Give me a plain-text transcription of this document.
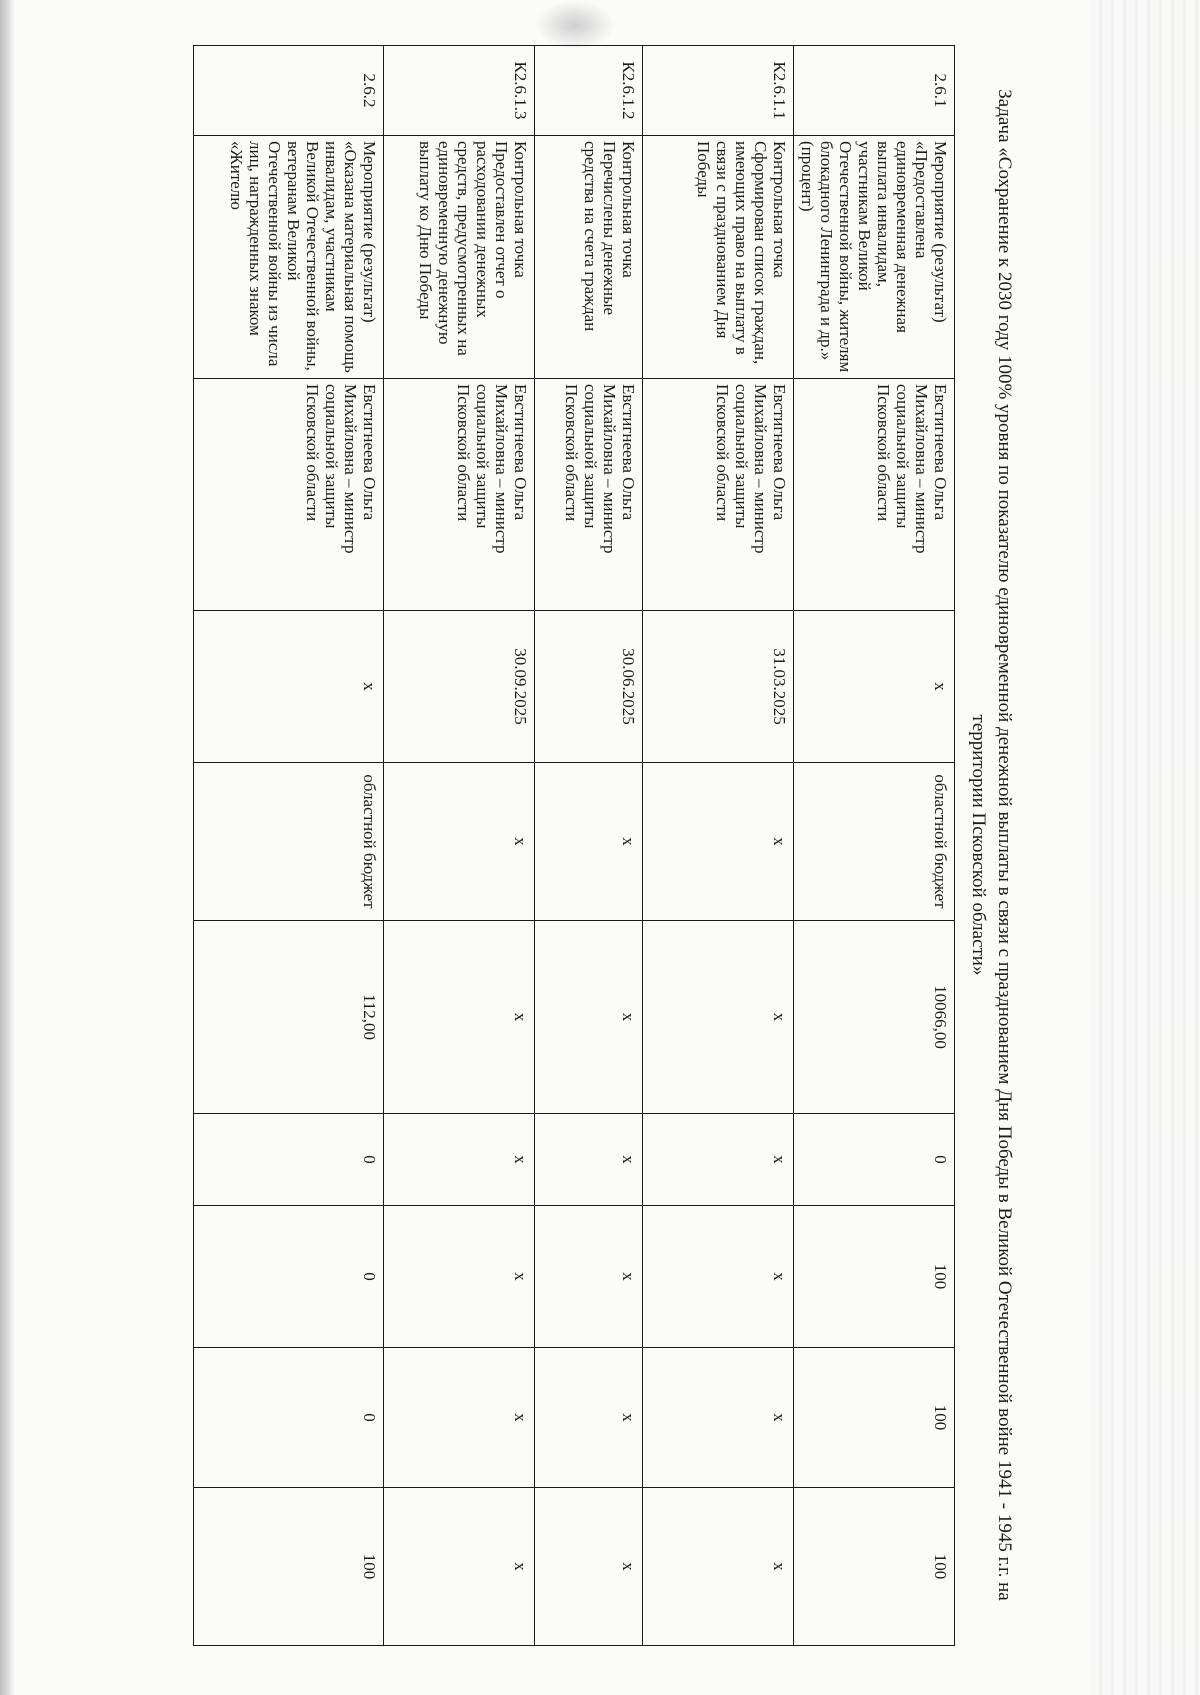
Задача «Сохранение к 2030 году 100% уровня по показателю единовременной денежной выплаты в связи с празднованием Дня Победы в Великой Отечественной войне 1941 - 1945 г.г. на территории Псковской области»
2.6.1	Мероприятие (результат) «Предоставлена единовременная денежная выплата инвалидам, участникам Великой Отечественной войны, жителям блокадного Ленинграда и др.» (процент)	Евстигнеева Ольга Михайловна – министр социальной защиты Псковской области	x	областной бюджет	10066,00	0	100	100	100
К2.6.1.1	Контрольная точка Сформирован список граждан, имеющих право на выплату в связи с празднованием Дня Победы	Евстигнеева Ольга Михайловна – министр социальной защиты Псковской области	31.03.2025	x	x	x	x	x	x
К2.6.1.2	Контрольная точка Перечислены денежные средства на счета граждан	Евстигнеева Ольга Михайловна – министр социальной защиты Псковской области	30.06.2025	x	x	x	x	x	x
К2.6.1.3	Контрольная точка Предоставлен отчет о расходовании денежных средств, предусмотренных на единовременную денежную выплату ко Дню Победы	Евстигнеева Ольга Михайловна – министр социальной защиты Псковской области	30.09.2025	x	x	x	x	x	x
2.6.2	Мероприятие (результат) «Оказана материальная помощь инвалидам, участникам Великой Отечественной войны, ветеранам Великой Отечественной войны из числа лиц, награжденных знаком «Жителю	Евстигнеева Ольга Михайловна – министр социальной защиты Псковской области	x	областной бюджет	112,00	0	0	0	100
